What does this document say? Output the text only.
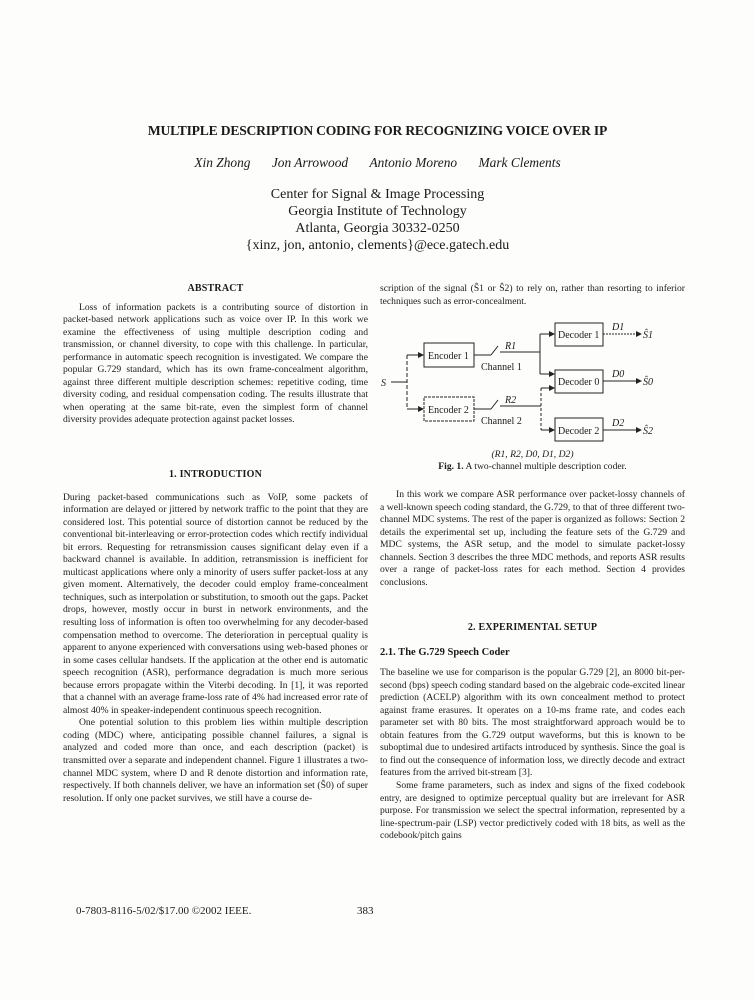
MULTIPLE DESCRIPTION CODING FOR RECOGNIZING VOICE OVER IP
Xin Zhong Jon Arrowood Antonio Moreno Mark Clements
Center for Signal & Image Processing
Georgia Institute of Technology
Atlanta, Georgia 30332-0250
{xinz, jon, antonio, clements}@ece.gatech.edu
ABSTRACT

Loss of information packets is a contributing source of distortion in packet-based network applications such as voice over IP. In this work we examine the effectiveness of using multiple description coding and transmission, or channel diversity, to cope with this challenge. In particular, performance in automatic speech recognition is investigated. We compare the popular G.729 standard, which has its own frame-concealment algorithm, against three different multiple description schemes: repetitive coding, time diversity coding, and residual compensation coding. The results illustrate that when operating at the same bit-rate, even the simplest form of channel diversity provides adequate protection against packet losses.

1. INTRODUCTION

During packet-based communications such as VoIP, some packets of information are delayed or jittered by network traffic to the point that they are considered lost. This potential source of distortion cannot be reduced by the conventional bit-interleaving or error-protection codes which rectify individual bit errors. Requesting for retransmission causes significant delay even if a backward channel is available. In addition, retransmission is inefficient for multicast applications where only a minority of users suffer packet-loss at any given moment. Alternatively, the decoder could employ frame-concealment techniques, such as interpolation or substitution, to smooth out the gaps. Packet drops, however, mostly occur in burst in network environments, and the resulting loss of information is often too overwhelming for any decoder-based compensation method to overcome. The deterioration in perceptual quality is apparent to anyone experienced with conversations using web-based phones or in some cases cellular handsets. If the application at the other end is automatic speech recognition (ASR), performance degradation is much more serious because errors propagate within the Viterbi decoding. In [1], it was reported that a channel with an average frame-loss rate of 4% had increased error rate of almost 40% in speaker-independent continuous speech recognition.

One potential solution to this problem lies within multiple description coding (MDC) where, anticipating possible channel failures, a signal is analyzed and coded more than once, and each description (packet) is transmitted over a separate and independent channel. Figure 1 illustrates a two-channel MDC system, where D and R denote distortion and information rate, respectively. If both channels deliver, we have an information set (Ŝ0) of super resolution. If only one packet survives, we still have a course de-

scription of the signal (Ŝ1 or Ŝ2) to rely on, rather than resorting to inferior techniques such as error-concealment.

S
Encoder 1
Encoder 2
R1
R2
Channel 1
Channel 2
Decoder 1
Decoder 0
Decoder 2
D1
D0
D2
Ŝ1
Ŝ0
Ŝ2
(R1, R2, D0, D1, D2)
Fig. 1. A two-channel multiple description coder.

In this work we compare ASR performance over packet-lossy channels of a well-known speech coding standard, the G.729, to that of three different two-channel MDC systems. The rest of the paper is organized as follows: Section 2 details the experimental set up, including the feature sets of the G.729 and MDC systems, the ASR setup, and the model to simulate packet-lossy channels. Section 3 describes the three MDC methods, and reports ASR results over a range of packet-loss rates for each method. Section 4 provides conclusions.

2. EXPERIMENTAL SETUP
2.1. The G.729 Speech Coder

The baseline we use for comparison is the popular G.729 [2], an 8000 bit-per-second (bps) speech coding standard based on the algebraic code-excited linear prediction (ACELP) algorithm with its own concealment method to protect against frame erasures. It operates on a 10-ms frame rate, and codes each parameter set with 80 bits. The most straightforward approach would be to obtain features from the G.729 output waveforms, but this is known to be suboptimal due to undesired artifacts introduced by synthesis. Since the goal is to find out the consequence of information loss, we directly decode and extract features from the arrived bit-stream [3].

Some frame parameters, such as index and signs of the fixed codebook entry, are designed to optimize perceptual quality but are irrelevant for ASR purpose. For transmission we select the spectral information, represented by a line-spectrum-pair (LSP) vector predictively coded with 18 bits, as well as the codebook/pitch gains

0-7803-8116-5/02/$17.00 ©2002 IEEE.	383
